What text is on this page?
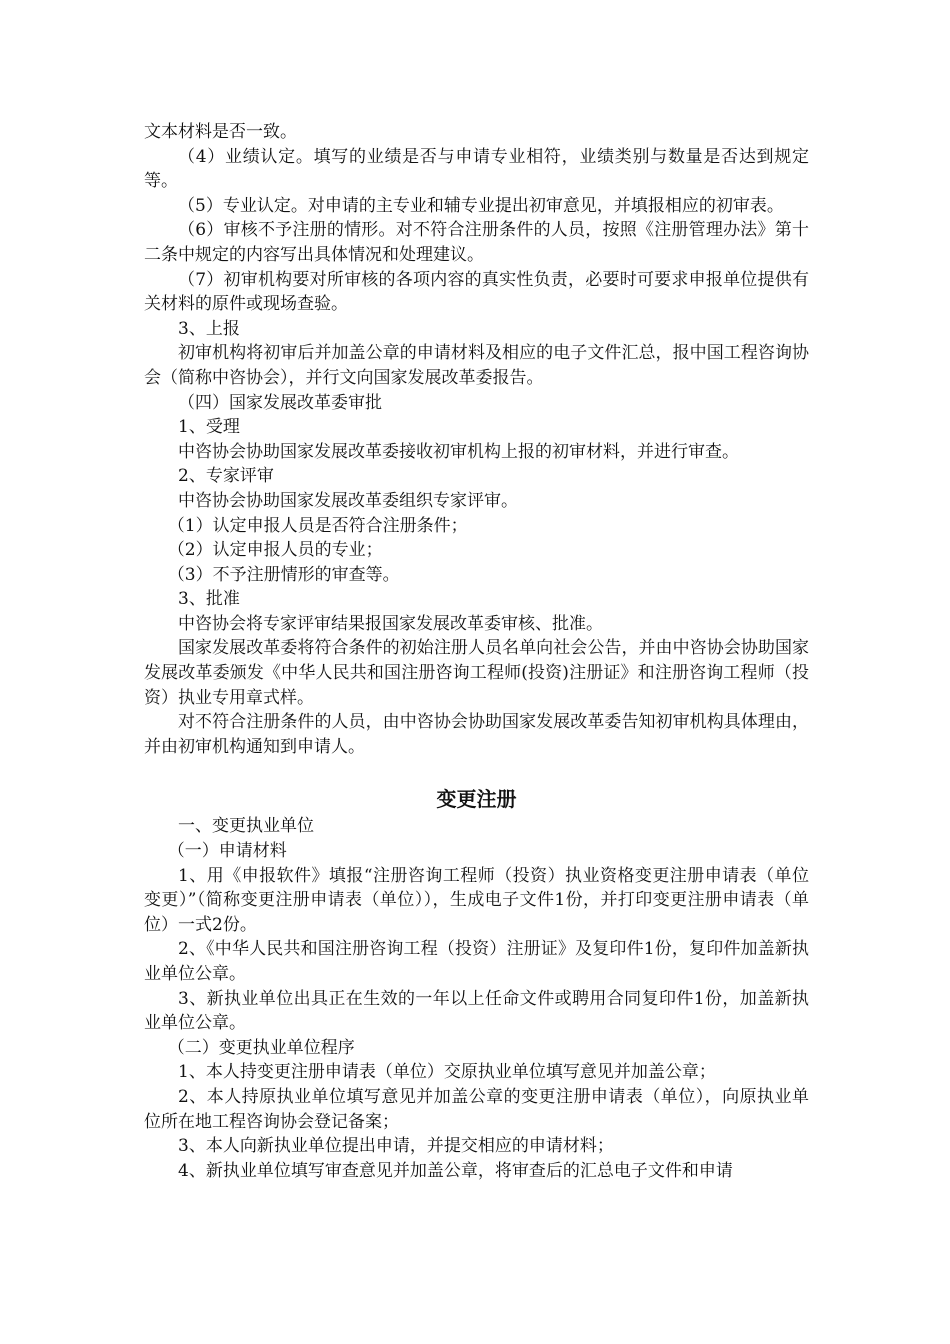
文本材料是否一致。

（4）业绩认定。填写的业绩是否与申请专业相符，业绩类别与数量是否达到规定等。

（5）专业认定。对申请的主专业和辅专业提出初审意见，并填报相应的初审表。

（6）审核不予注册的情形。对不符合注册条件的人员，按照《注册管理办法》第十二条中规定的内容写出具体情况和处理建议。

（7）初审机构要对所审核的各项内容的真实性负责，必要时可要求申报单位提供有关材料的原件或现场查验。

3、上报

初审机构将初审后并加盖公章的申请材料及相应的电子文件汇总，报中国工程咨询协会（简称中咨协会），并行文向国家发展改革委报告。

（四）国家发展改革委审批

1、受理

中咨协会协助国家发展改革委接收初审机构上报的初审材料，并进行审查。

2、专家评审

中咨协会协助国家发展改革委组织专家评审。

（1）认定申报人员是否符合注册条件；

（2）认定申报人员的专业；

（3）不予注册情形的审查等。

3、批准

中咨协会将专家评审结果报国家发展改革委审核、批准。

国家发展改革委将符合条件的初始注册人员名单向社会公告，并由中咨协会协助国家发展改革委颁发《中华人民共和国注册咨询工程师(投资)注册证》和注册咨询工程师（投资）执业专用章式样。

对不符合注册条件的人员，由中咨协会协助国家发展改革委告知初审机构具体理由，并由初审机构通知到申请人。

变更注册

一、变更执业单位

（一）申请材料

1、用《申报软件》填报“注册咨询工程师（投资）执业资格变更注册申请表（单位变更）”（简称变更注册申请表（单位）），生成电子文件1份，并打印变更注册申请表（单位）一式2份。

2、《中华人民共和国注册咨询工程（投资）注册证》及复印件1份，复印件加盖新执业单位公章。

3、新执业单位出具正在生效的一年以上任命文件或聘用合同复印件1份，加盖新执业单位公章。

（二）变更执业单位程序

1、本人持变更注册申请表（单位）交原执业单位填写意见并加盖公章；

2、本人持原执业单位填写意见并加盖公章的变更注册申请表（单位），向原执业单位所在地工程咨询协会登记备案；

3、本人向新执业单位提出申请，并提交相应的申请材料；

4、新执业单位填写审查意见并加盖公章，将审查后的汇总电子文件和申请
